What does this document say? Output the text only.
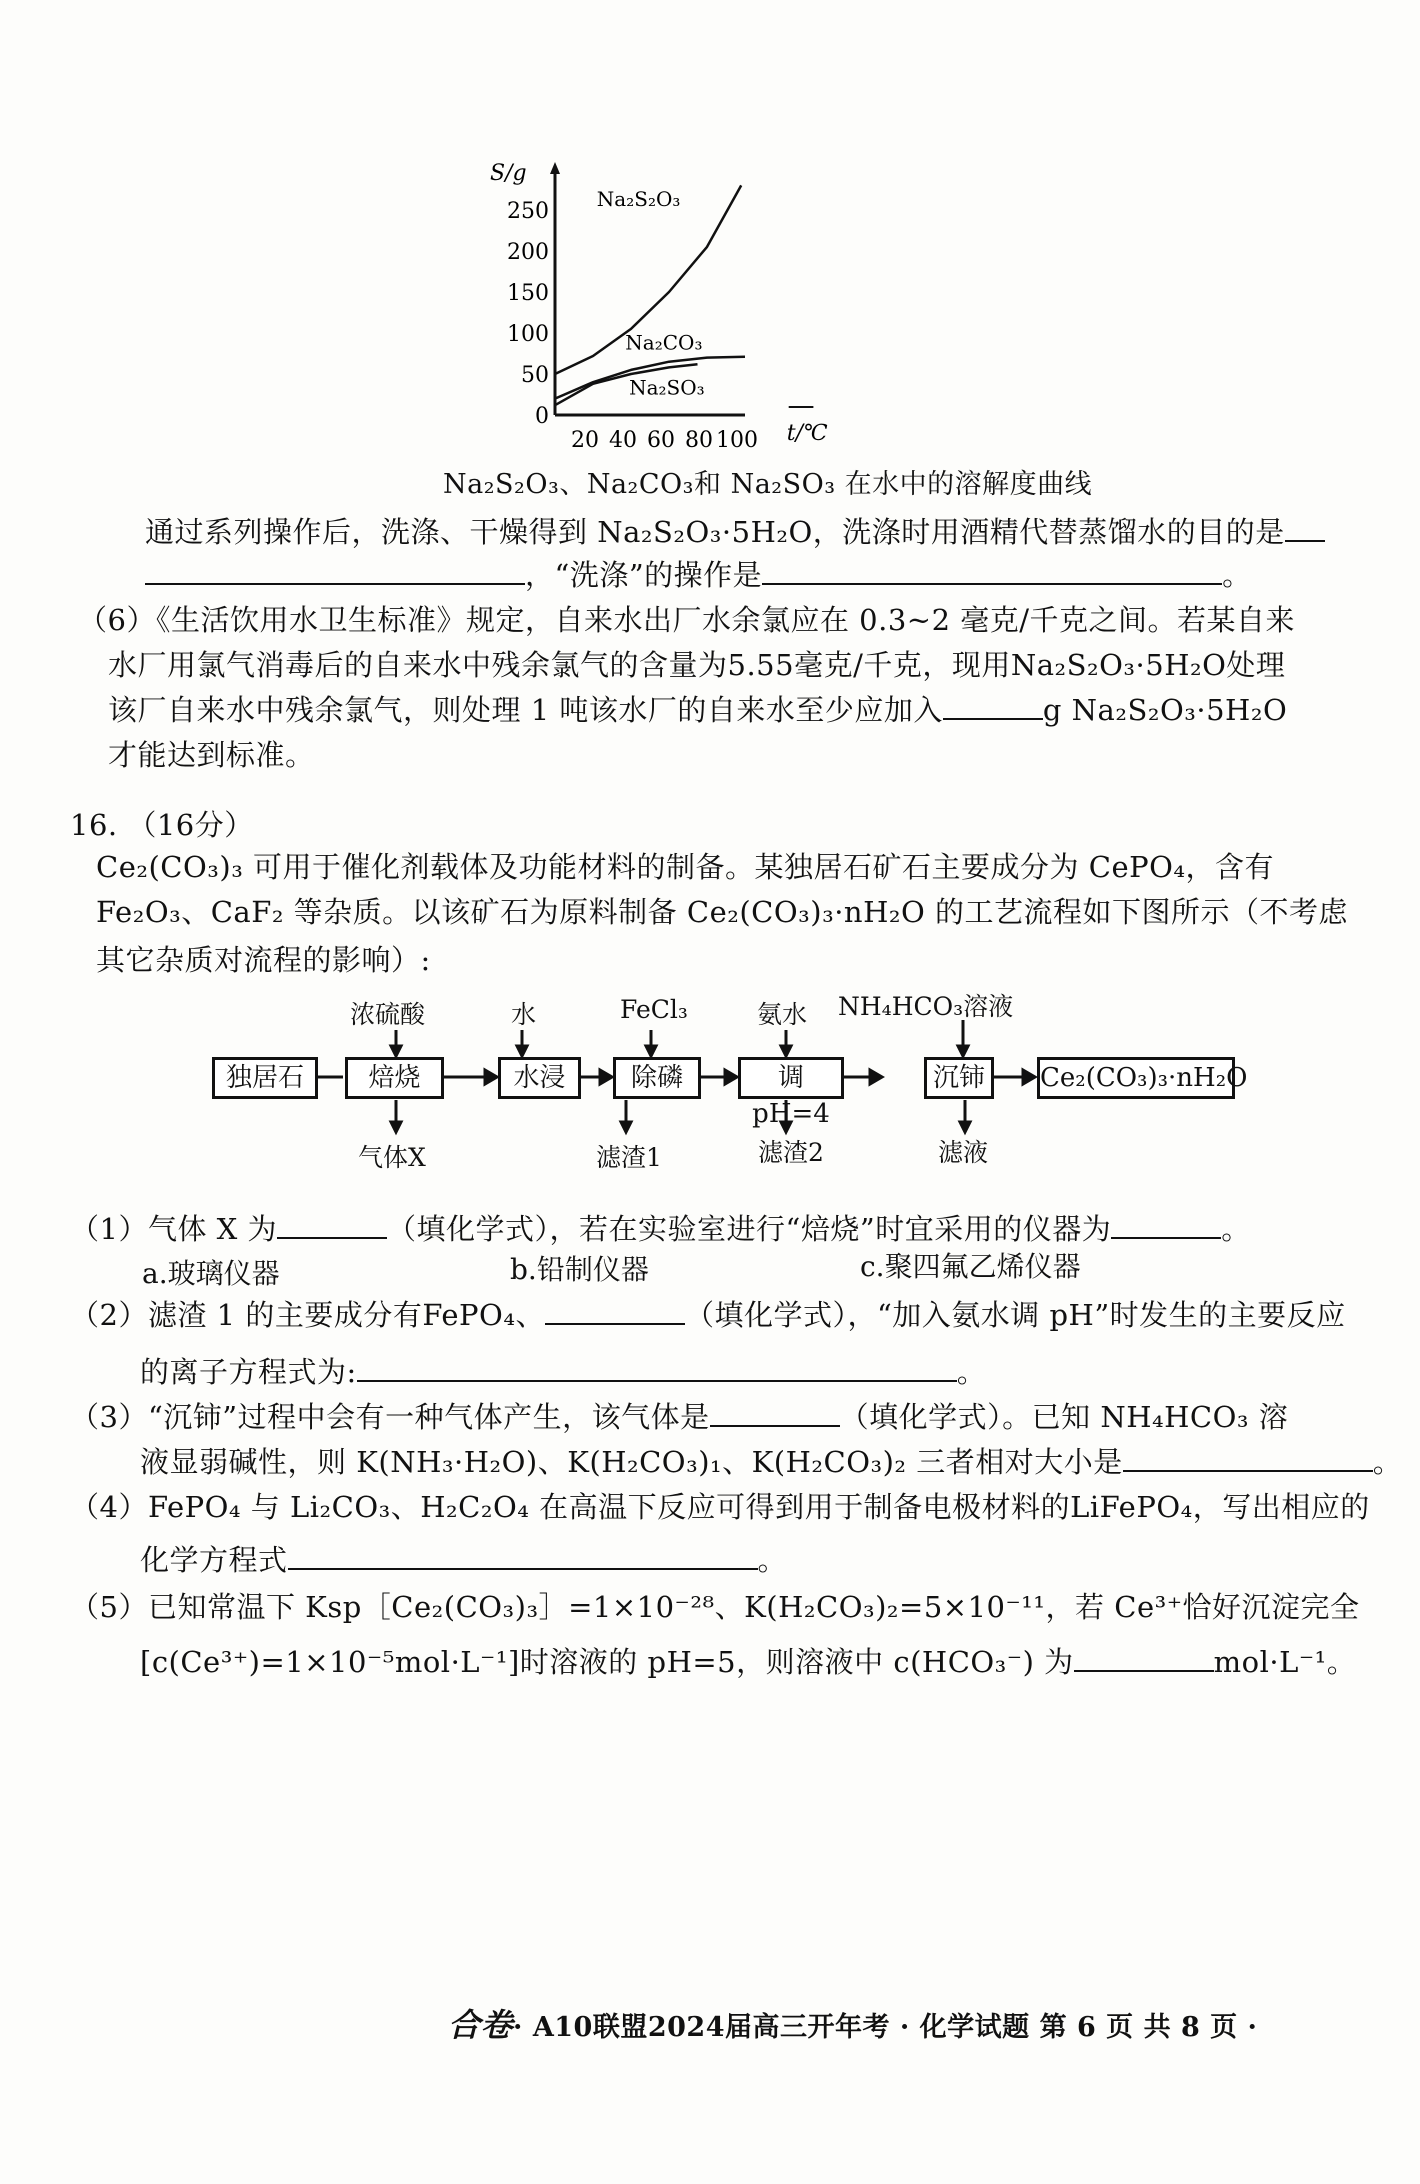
S/g
t/℃
0
50
100
150
200
250
20 40 60 80 100
Na₂S₂O₃
Na₂CO₃
Na₂SO₃
Na₂S₂O₃、Na₂CO₃和 Na₂SO₃ 在水中的溶解度曲线
通过系列操作后，洗涤、干燥得到 Na₂S₂O₃·5H₂O，洗涤时用酒精代替蒸馏水的目的是
，“洗涤”的操作是	。
（6）《生活饮用水卫生标准》规定，自来水出厂水余氯应在 0.3~2 毫克/千克之间。若某自来
水厂用氯气消毒后的自来水中残余氯气的含量为5.55毫克/千克，现用Na₂S₂O₃·5H₂O处理
该厂自来水中残余氯气，则处理 1 吨该水厂的自来水至少应加入	g Na₂S₂O₃·5H₂O
才能达到标准。
16. （16分）
Ce₂(CO₃)₃ 可用于催化剂载体及功能材料的制备。某独居石矿石主要成分为 CePO₄，含有
Fe₂O₃、CaF₂ 等杂质。以该矿石为原料制备 Ce₂(CO₃)₃·nH₂O 的工艺流程如下图所示（不考虑
其它杂质对流程的影响）:
独居石	焙烧	水浸	除磷	调 pH=4
沉铈	Ce₂(CO₃)₃·nH₂O
浓硫酸	水	FeCl₃	氨水 NH₄HCO₃溶液
气体X	滤渣1	滤渣2	滤液
（1）气体 X 为	（填化学式），若在实验室进行“焙烧”时宜采用的仪器为	。
a.玻璃仪器	b.铅制仪器	c.聚四氟乙烯仪器
（2）滤渣 1 的主要成分有FePO₄、	（填化学式），“加入氨水调 pH”时发生的主要反应
的离子方程式为:	。
（3）“沉铈”过程中会有一种气体产生，该气体是	（填化学式）。已知 NH₄HCO₃ 溶
液显弱碱性，则 K(NH₃·H₂O)、K(H₂CO₃)₁、K(H₂CO₃)₂ 三者相对大小是	。
（4）FePO₄ 与 Li₂CO₃、H₂C₂O₄ 在高温下反应可得到用于制备电极材料的LiFePO₄，写出相应的
化学方程式	。
（5）已知常温下 Ksp［Ce₂(CO₃)₃］=1×10⁻²⁸、K(H₂CO₃)₂=5×10⁻¹¹，若 Ce³⁺恰好沉淀完全
[c(Ce³⁺)=1×10⁻⁵mol·L⁻¹]时溶液的 pH=5，则溶液中 c(HCO₃⁻) 为	mol·L⁻¹。
合卷· A10联盟2024届高三开年考 · 化学试题 第 6 页 共 8 页 ·
